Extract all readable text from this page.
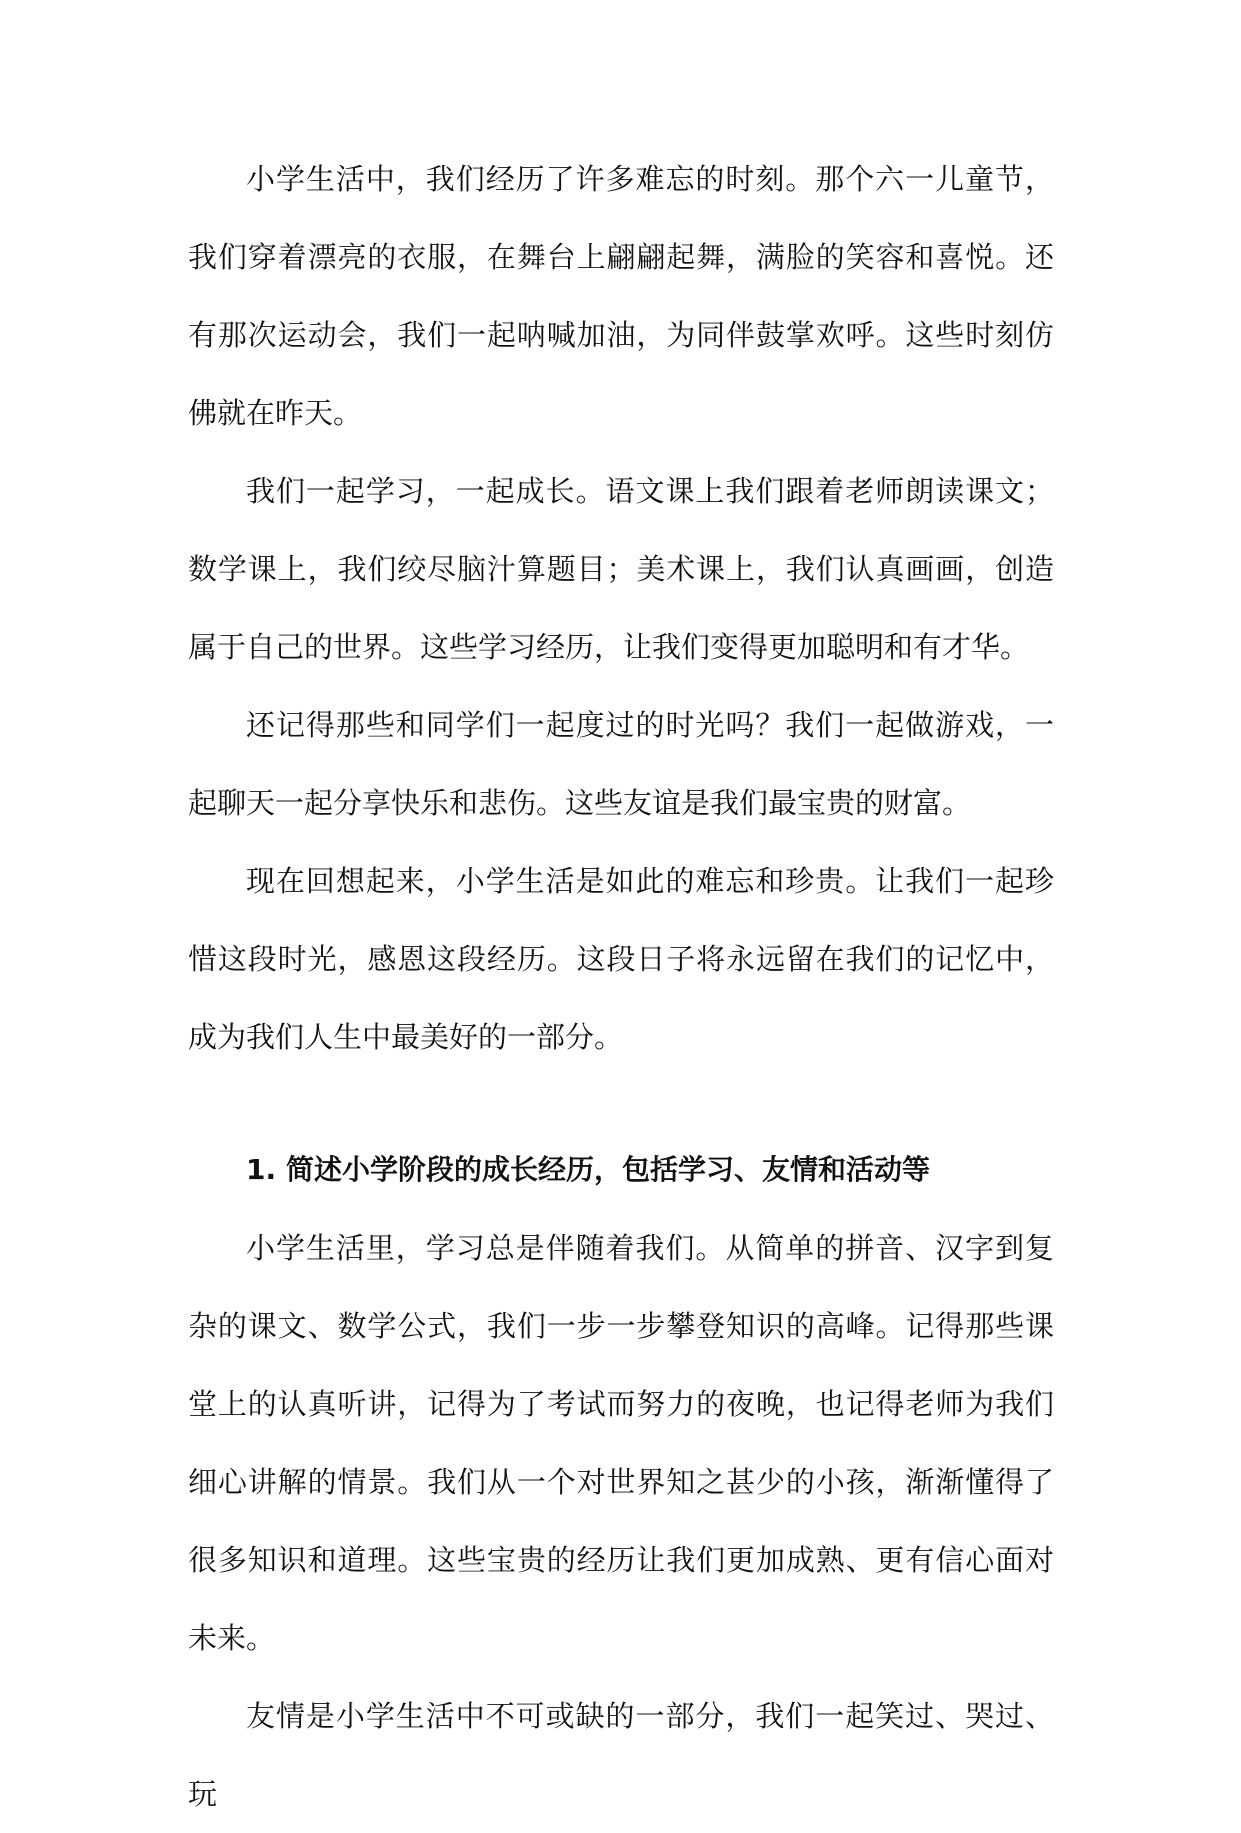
小学生活中，我们经历了许多难忘的时刻。那个六一儿童节，我们穿着漂亮的衣服，在舞台上翩翩起舞，满脸的笑容和喜悦。还有那次运动会，我们一起呐喊加油，为同伴鼓掌欢呼。这些时刻仿佛就在昨天。

我们一起学习，一起成长。语文课上我们跟着老师朗读课文；数学课上，我们绞尽脑汁算题目；美术课上，我们认真画画，创造属于自己的世界。这些学习经历，让我们变得更加聪明和有才华。

还记得那些和同学们一起度过的时光吗？我们一起做游戏，一起聊天一起分享快乐和悲伤。这些友谊是我们最宝贵的财富。

现在回想起来，小学生活是如此的难忘和珍贵。让我们一起珍惜这段时光，感恩这段经历。这段日子将永远留在我们的记忆中，成为我们人生中最美好的一部分。

1. 简述小学阶段的成长经历，包括学习、友情和活动等

小学生活里，学习总是伴随着我们。从简单的拼音、汉字到复杂的课文、数学公式，我们一步一步攀登知识的高峰。记得那些课堂上的认真听讲，记得为了考试而努力的夜晚，也记得老师为我们细心讲解的情景。我们从一个对世界知之甚少的小孩，渐渐懂得了很多知识和道理。这些宝贵的经历让我们更加成熟、更有信心面对未来。

友情是小学生活中不可或缺的一部分，我们一起笑过、哭过、玩
